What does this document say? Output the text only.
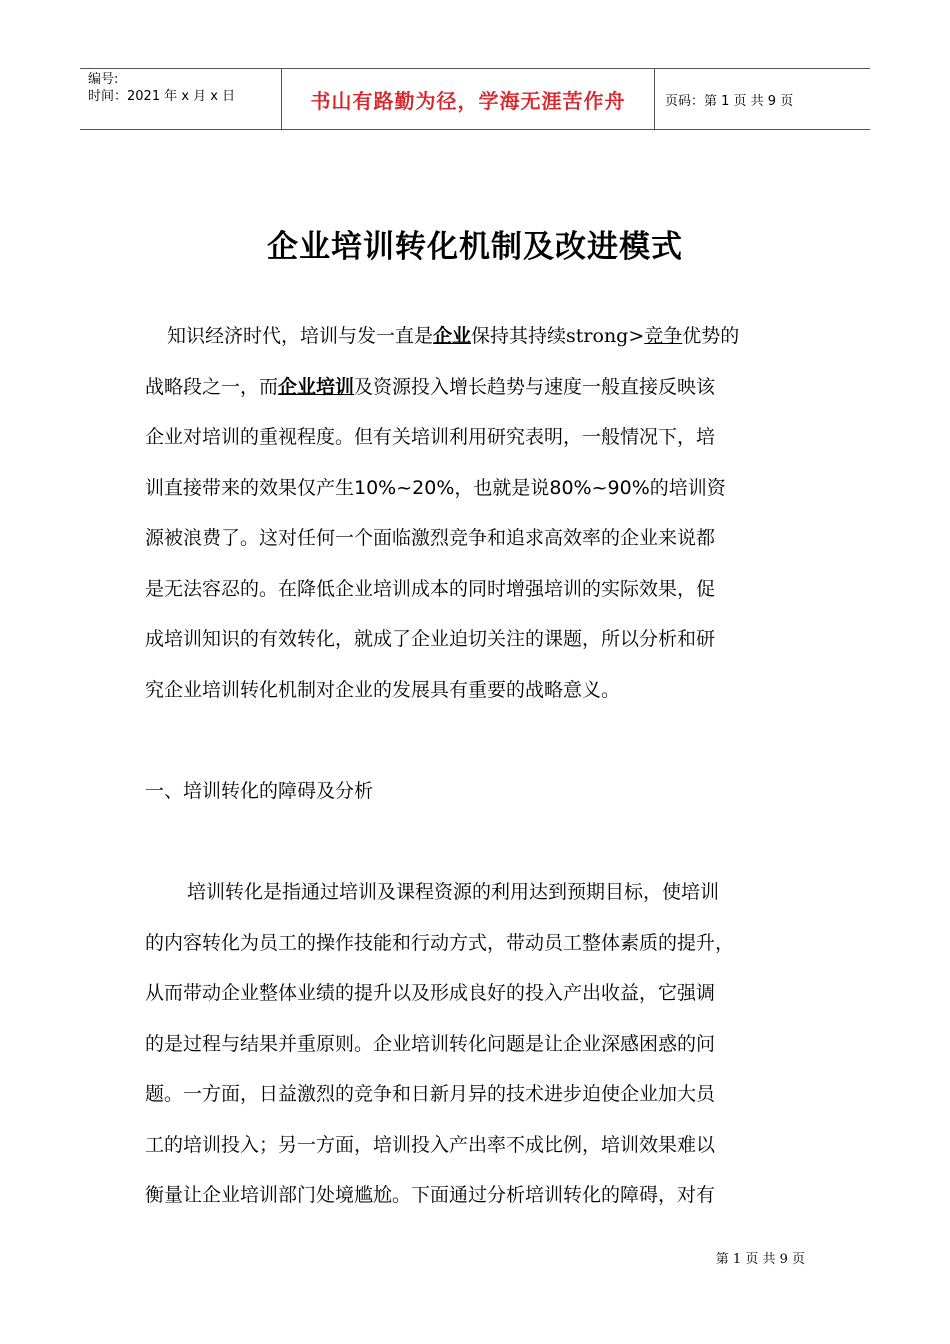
编号:
时间：2021 年 x 月 x 日	书山有路勤为径，学海无涯苦作舟	页码：第 1 页 共 9 页
企业培训转化机制及改进模式

知识经济时代，培训与发一直是企业保持其持续strong>竞争优势的
战略段之一，而企业培训及资源投入增长趋势与速度一般直接反映该
企业对培训的重视程度。但有关培训利用研究表明，一般情况下，培
训直接带来的效果仅产生10%~20%，也就是说80%~90%的培训资
源被浪费了。这对任何一个面临激烈竞争和追求高效率的企业来说都
是无法容忍的。在降低企业培训成本的同时增强培训的实际效果，促
成培训知识的有效转化，就成了企业迫切关注的课题，所以分析和研
究企业培训转化机制对企业的发展具有重要的战略意义。

一、培训转化的障碍及分析

培训转化是指通过培训及课程资源的利用达到预期目标，使培训
的内容转化为员工的操作技能和行动方式，带动员工整体素质的提升，
从而带动企业整体业绩的提升以及形成良好的投入产出收益，它强调
的是过程与结果并重原则。企业培训转化问题是让企业深感困惑的问
题。一方面，日益激烈的竞争和日新月异的技术进步迫使企业加大员
工的培训投入；另一方面，培训投入产出率不成比例，培训效果难以
衡量让企业培训部门处境尴尬。下面通过分析培训转化的障碍，对有

第 1 页 共 9 页
